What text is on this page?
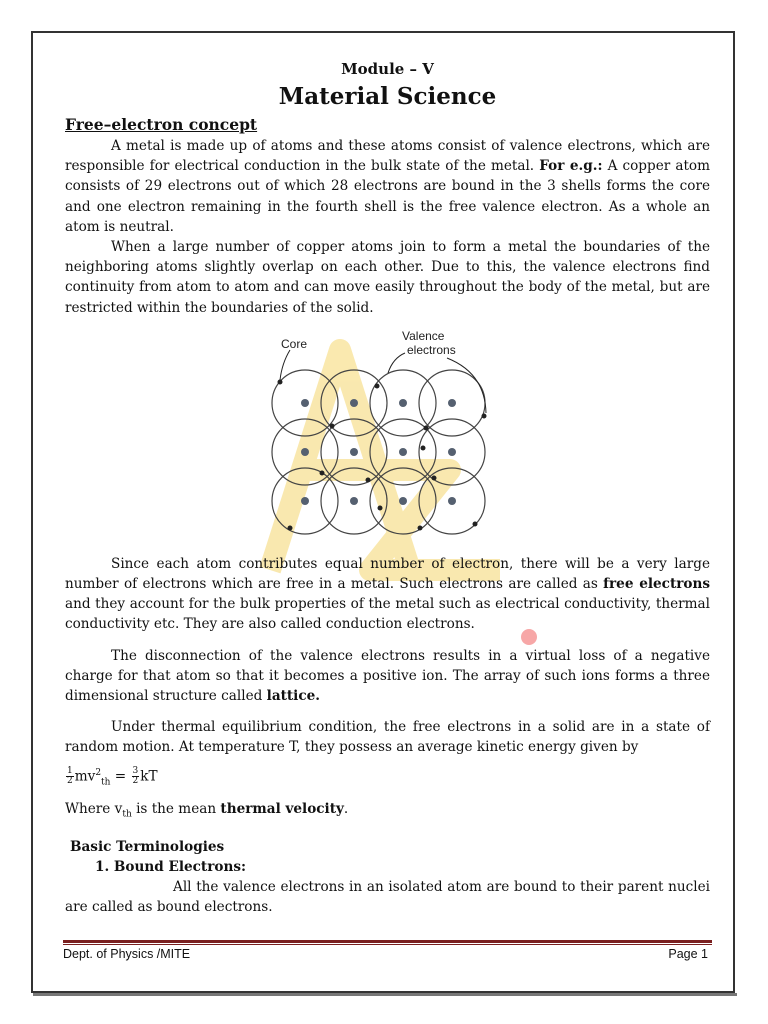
Module – V
Material Science
Free–electron concept

A metal is made up of atoms and these atoms consist of valence electrons, which are responsible for electrical conduction in the bulk state of the metal. For e.g.: A copper atom consists of 29 electrons out of which 28 electrons are bound in the 3 shells forms the core and one electron remaining in the fourth shell is the free valence electron. As a whole an atom is neutral.

When a large number of copper atoms join to form a metal the boundaries of the neighboring atoms slightly overlap on each other. Due to this, the valence electrons find continuity from atom to atom and can move easily throughout the body of the metal, but are restricted within the boundaries of the solid.

Core
Valence
electrons

Since each atom contributes equal number of electron, there will be a very large number of electrons which are free in a metal. Such electrons are called as free electrons and they account for the bulk properties of the metal such as electrical conductivity, thermal conductivity etc. They are also called conduction electrons.

The disconnection of the valence electrons results in a virtual loss of a negative charge for that atom so that it becomes a positive ion. The array of such ions forms a three dimensional structure called lattice.

Under thermal equilibrium condition, the free electrons in a solid are in a state of random motion. At temperature T, they possess an average kinetic energy given by

$\frac{1}{2} mv^2_{th} = \frac{3}{2}$ kT

Where $v_{th}$ is the mean thermal velocity.

Basic Terminologies
1. Bound Electrons:

All the valence electrons in an isolated atom are bound to their parent nuclei are called as bound electrons.

Dept. of Physics /MITE	Page 1
